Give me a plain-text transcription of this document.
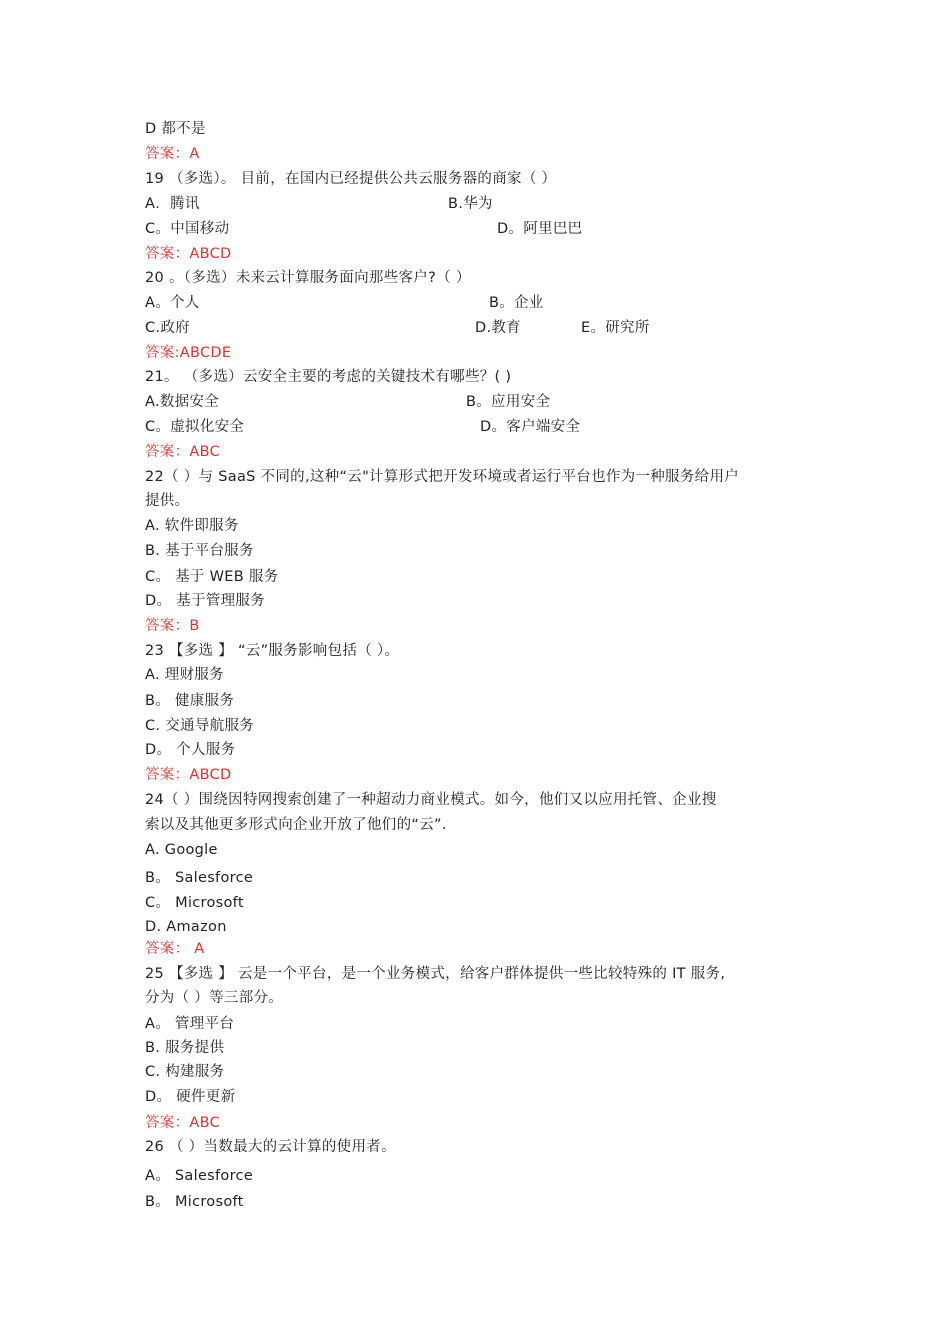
D 都不是
答案：A
19 （多选）。 目前，在国内已经提供公共云服务器的商家（ ）
A．腾讯	B.华为
C。中国移动	D。阿里巴巴
答案：ABCD
20 。（多选）未来云计算服务面向那些客户?（ ）
A。个人	B。企业
C.政府	D.教育	E。研究所
答案:ABCDE
21。 （多选）云安全主要的考虑的关键技术有哪些？( )
A.数据安全	B。应用安全
C。虚拟化安全	D。客户端安全
答案：ABC
22（ ）与 SaaS 不同的,这种“云"计算形式把开发环境或者运行平台也作为一种服务给用户
提供。
A. 软件即服务
B. 基于平台服务
C。 基于 WEB 服务
D。 基于管理服务
答案：B
23 【多选 】 “云”服务影响包括（ ）。
A. 理财服务
B。 健康服务
C. 交通导航服务
D。 个人服务
答案：ABCD
24（ ）围绕因特网搜索创建了一种超动力商业模式。如今，他们又以应用托管、企业搜
索以及其他更多形式向企业开放了他们的“云”.
A. Google
B。 Salesforce
C。 Microsoft
D. Amazon
答案： A
25 【多选 】 云是一个平台，是一个业务模式，给客户群体提供一些比较特殊的 IT 服务,
分为（ ）等三部分。
A。 管理平台
B. 服务提供
C. 构建服务
D。 硬件更新
答案：ABC
26 （ ）当数最大的云计算的使用者。
A。 Salesforce
B。 Microsoft
